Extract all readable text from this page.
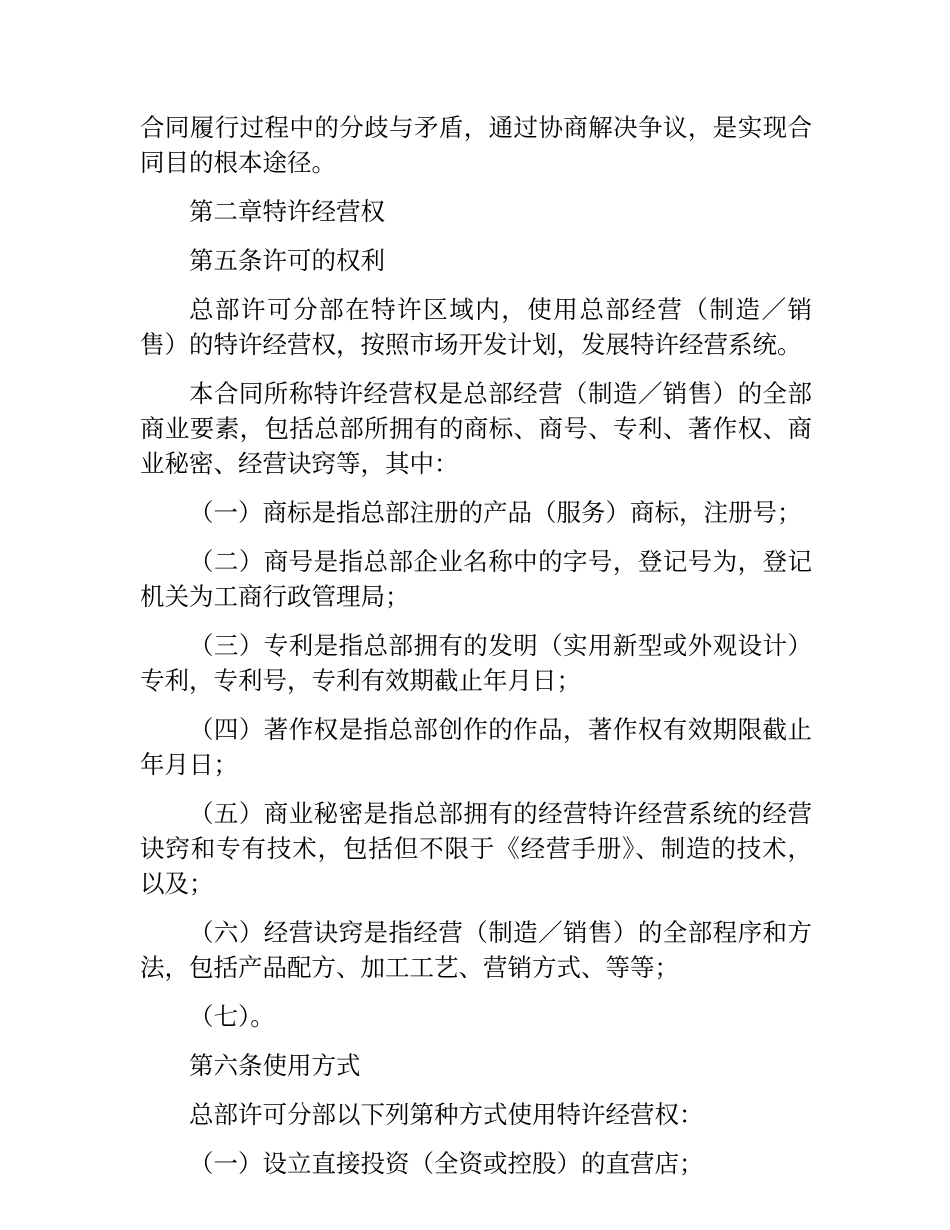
合同履行过程中的分歧与矛盾，通过协商解决争议，是实现合同目的根本途径。

第二章特许经营权

第五条许可的权利

总部许可分部在特许区域内，使用总部经营（制造／销售）的特许经营权，按照市场开发计划，发展特许经营系统。

本合同所称特许经营权是总部经营（制造／销售）的全部商业要素，包括总部所拥有的商标、商号、专利、著作权、商业秘密、经营诀窍等，其中：

（一）商标是指总部注册的产品（服务）商标，注册号；

（二）商号是指总部企业名称中的字号，登记号为，登记机关为工商行政管理局；

（三）专利是指总部拥有的发明（实用新型或外观设计）专利，专利号，专利有效期截止年月日；

（四）著作权是指总部创作的作品，著作权有效期限截止年月日；

（五）商业秘密是指总部拥有的经营特许经营系统的经营诀窍和专有技术，包括但不限于《经营手册》、制造的技术，以及；

（六）经营诀窍是指经营（制造／销售）的全部程序和方法，包括产品配方、加工工艺、营销方式、等等；

（七）。

第六条使用方式

总部许可分部以下列第种方式使用特许经营权：

（一）设立直接投资（全资或控股）的直营店；
